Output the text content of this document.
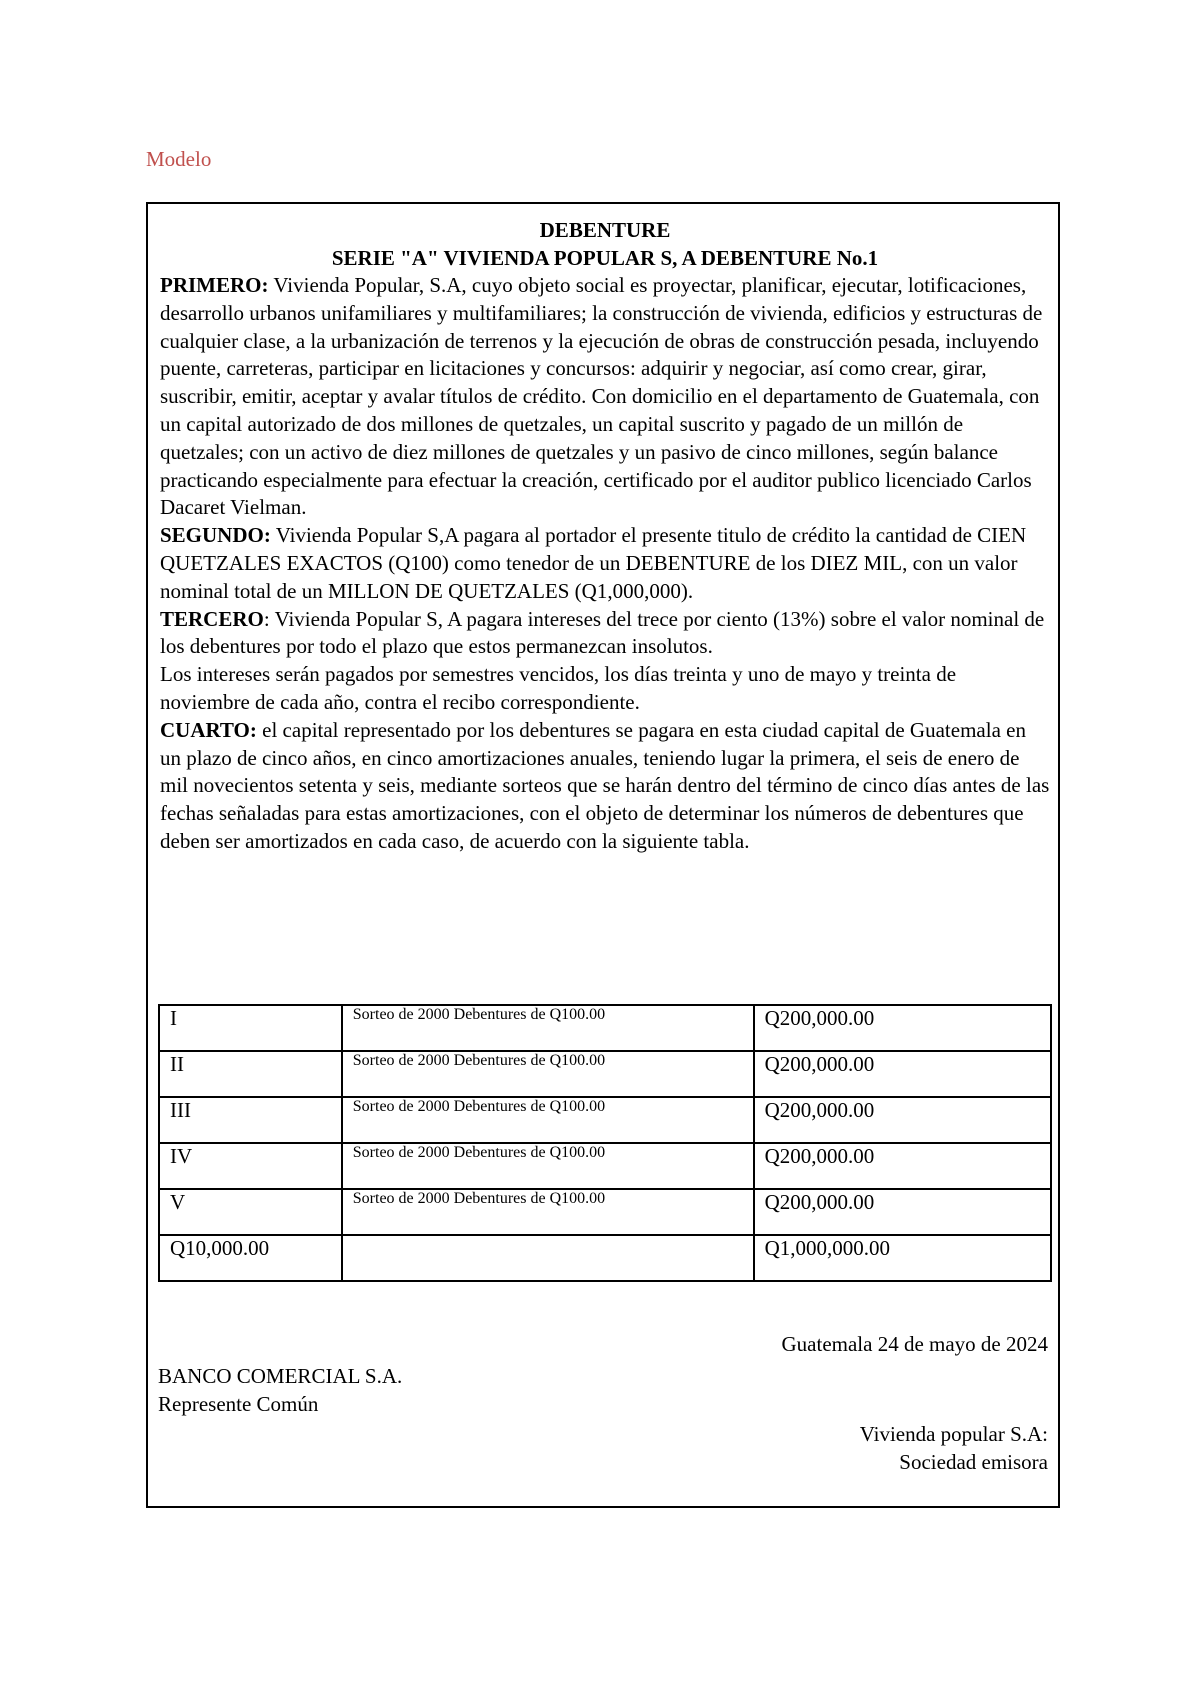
Modelo

DEBENTURE

SERIE "A" VIVIENDA POPULAR S, A DEBENTURE No.1

PRIMERO: Vivienda Popular, S.A, cuyo objeto social es proyectar, planificar, ejecutar, lotificaciones, desarrollo urbanos unifamiliares y multifamiliares; la construcción de vivienda, edificios y estructuras de cualquier clase, a la urbanización de terrenos y la ejecución de obras de construcción pesada, incluyendo puente, carreteras, participar en licitaciones y concursos: adquirir y negociar, así como crear, girar, suscribir, emitir, aceptar y avalar títulos de crédito. Con domicilio en el departamento de Guatemala, con un capital autorizado de dos millones de quetzales, un capital suscrito y pagado de un millón de quetzales; con un activo de diez millones de quetzales y un pasivo de cinco millones, según balance practicando especialmente para efectuar la creación, certificado por el auditor publico licenciado Carlos Dacaret Vielman.

SEGUNDO: Vivienda Popular S,A pagara al portador el presente titulo de crédito la cantidad de CIEN QUETZALES EXACTOS (Q100) como tenedor de un DEBENTURE de los DIEZ MIL, con un valor nominal total de un MILLON DE QUETZALES (Q1,000,000).

TERCERO: Vivienda Popular S, A pagara intereses del trece por ciento (13%) sobre el valor nominal de los debentures por todo el plazo que estos permanezcan insolutos.

Los intereses serán pagados por semestres vencidos, los días treinta y uno de mayo y treinta de noviembre de cada año, contra el recibo correspondiente.

CUARTO: el capital representado por los debentures se pagara en esta ciudad capital de Guatemala en un plazo de cinco años, en cinco amortizaciones anuales, teniendo lugar la primera, el seis de enero de mil novecientos setenta y seis, mediante sorteos que se harán dentro del término de cinco días antes de las fechas señaladas para estas amortizaciones, con el objeto de determinar los números de debentures que deben ser amortizados en cada caso, de acuerdo con la siguiente tabla.

I	Sorteo de 2000 Debentures de Q100.00	Q200,000.00
II	Sorteo de 2000 Debentures de Q100.00	Q200,000.00
III	Sorteo de 2000 Debentures de Q100.00	Q200,000.00
IV	Sorteo de 2000 Debentures de Q100.00	Q200,000.00
V	Sorteo de 2000 Debentures de Q100.00	Q200,000.00
Q10,000.00		Q1,000,000.00

Guatemala 24 de mayo de 2024

BANCO COMERCIAL S.A.
Represente Común
Vivienda popular S.A:
Sociedad emisora
